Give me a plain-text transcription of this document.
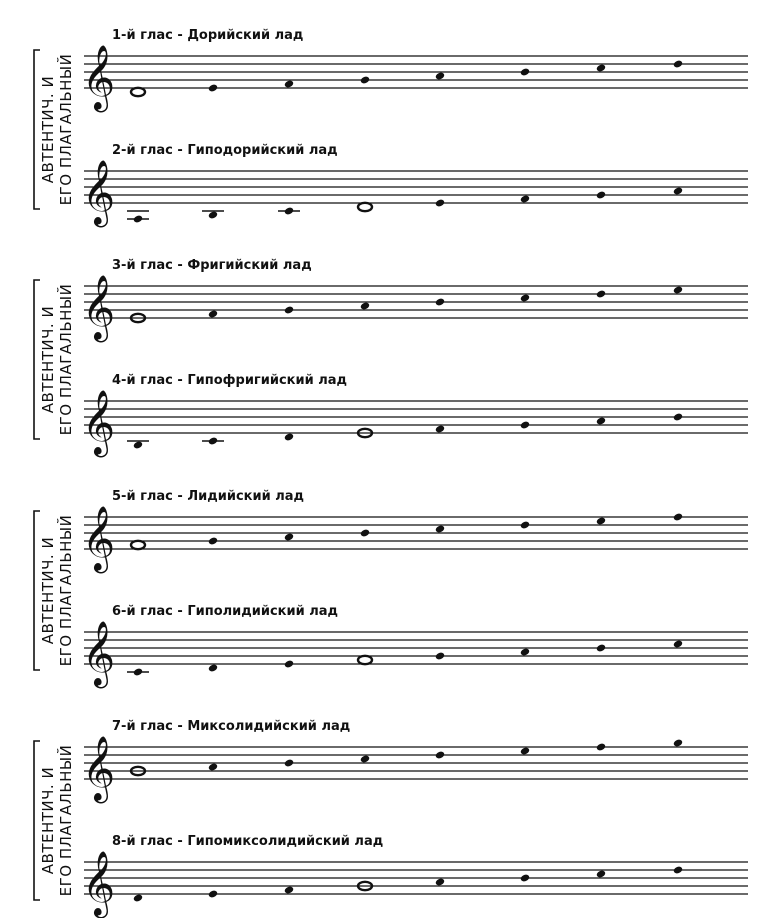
АВТЕНТИЧ. ИЕГО ПЛАГАЛЬНЫЙ
1-й глас - Дорийский лад
𝄞
2-й глас - Гиподорийский лад
𝄞
АВТЕНТИЧ. ИЕГО ПЛАГАЛЬНЫЙ
3-й глас - Фригийский лад
𝄞
4-й глас - Гипофригийский лад
𝄞
АВТЕНТИЧ. ИЕГО ПЛАГАЛЬНЫЙ
5-й глас - Лидийский лад
𝄞
6-й глас - Гиполидийский лад
𝄞
АВТЕНТИЧ. ИЕГО ПЛАГАЛЬНЫЙ
7-й глас - Миксолидийский лад
𝄞
8-й глас - Гипомиксолидийский лад
𝄞
